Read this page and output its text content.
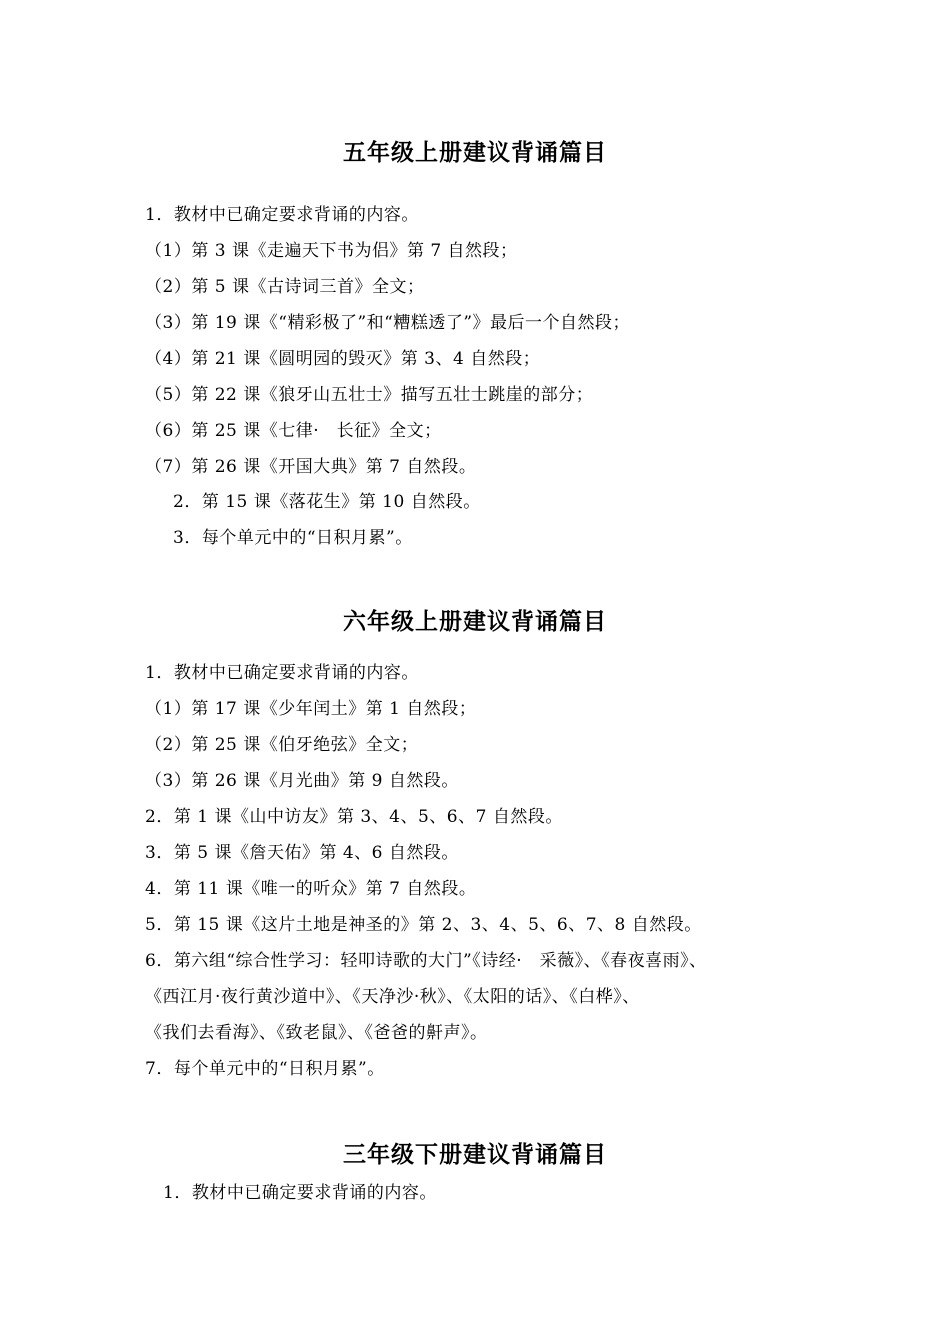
五年级上册建议背诵篇目
1．教材中已确定要求背诵的内容。
（1）第 3 课《走遍天下书为侣》第 7 自然段；
（2）第 5 课《古诗词三首》全文；
（3）第 19 课《“精彩极了”和“糟糕透了”》最后一个自然段；
（4）第 21 课《圆明园的毁灭》第 3、4 自然段；
（5）第 22 课《狼牙山五壮士》描写五壮士跳崖的部分；
（6）第 25 课《七律·　长征》全文；
（7）第 26 课《开国大典》第 7 自然段。
2．第 15 课《落花生》第 10 自然段。
3．每个单元中的“日积月累”。
六年级上册建议背诵篇目
1．教材中已确定要求背诵的内容。
（1）第 17 课《少年闰土》第 1 自然段；
（2）第 25 课《伯牙绝弦》全文；
（3）第 26 课《月光曲》第 9 自然段。
2．第 1 课《山中访友》第 3、4、5、6、7 自然段。
3．第 5 课《詹天佑》第 4、6 自然段。
4．第 11 课《唯一的听众》第 7 自然段。
5．第 15 课《这片土地是神圣的》第 2、3、4、5、6、7、8 自然段。
6．第六组“综合性学习：轻叩诗歌的大门”《诗经·　采薇》、《春夜喜雨》、
《西江月·夜行黄沙道中》、《天净沙·秋》、《太阳的话》、《白桦》、
《我们去看海》、《致老鼠》、《爸爸的鼾声》。
7．每个单元中的“日积月累”。
三年级下册建议背诵篇目
1．教材中已确定要求背诵的内容。
